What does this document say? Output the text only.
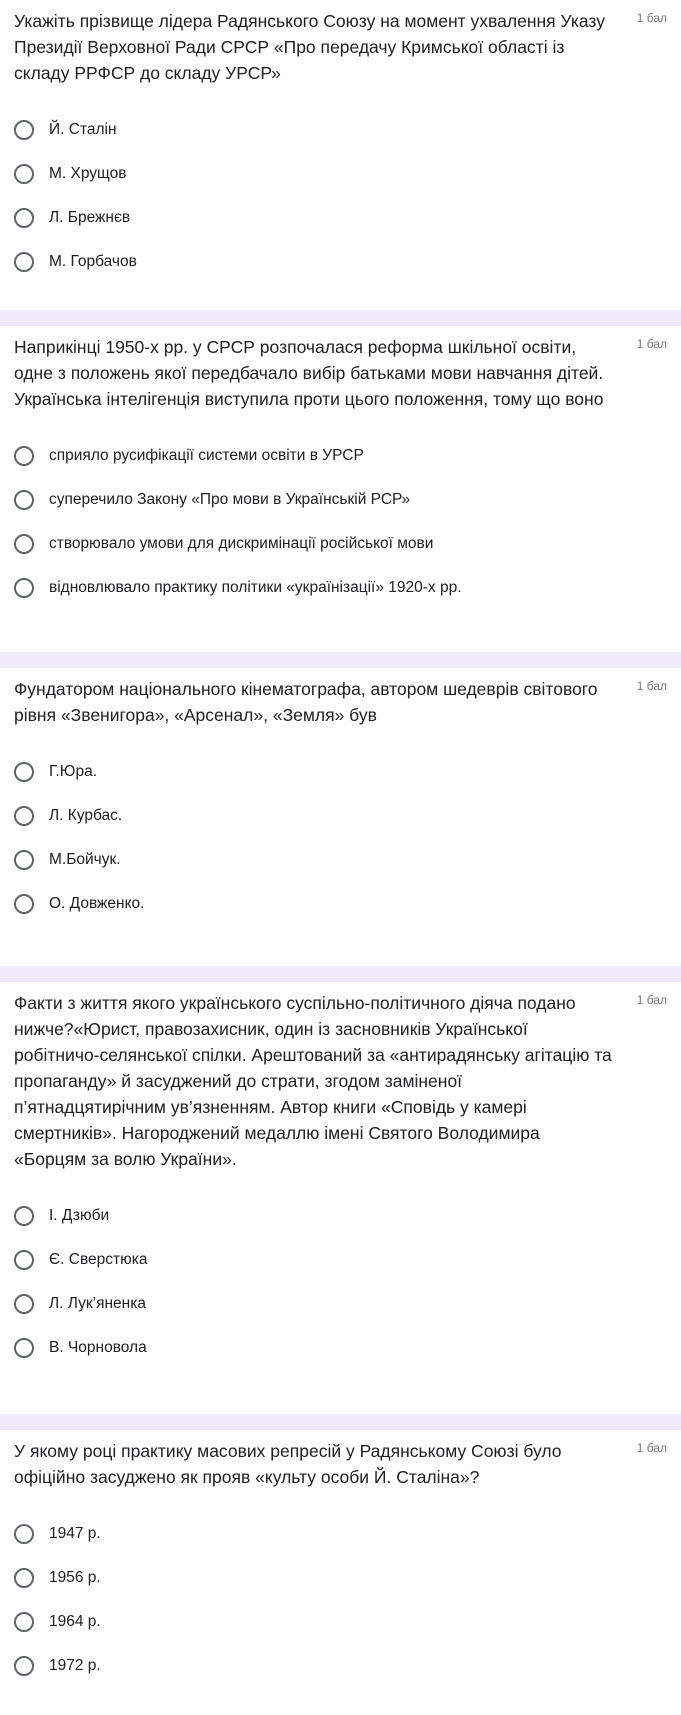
Укажіть прізвище лідера Радянського Союзу на момент ухвалення Указу Президії Верховної Ради СРСР «Про передачу Кримської області із складу РРФСР до складу УРСР»

1 бал
Й. Сталін
М. Хрущов
Л. Брежнєв
М. Горбачов

Наприкінці 1950-х рр. у СРСР розпочалася реформа шкільної освіти, одне з положень якої передбачало вибір батьками мови навчання дітей. Українська інтелігенція виступила проти цього положення, тому що воно

1 бал
сприяло русифікації системи освіти в УРСР
суперечило Закону «Про мови в Українській РСР»
створювало умови для дискримінації російської мови
відновлювало практику політики «українізації» 1920-х рр.

Фундатором національного кінематографа, автором шедеврів світового рівня «Звенигора», «Арсенал», «Земля» був

1 бал
Г.Юра.
Л. Курбас.
М.Бойчук.
О. Довженко.

Факти з життя якого українського суспільно-політичного діяча подано нижче?«Юрист, правозахисник, один із засновників Української робітничо-селянської спілки. Арештований за «антирадянську агітацію та пропаганду» й засуджений до страти, згодом заміненої п’ятнадцятирічним ув’язненням. Автор книги «Сповідь у камері смертників». Нагороджений медаллю імені Святого Володимира «Борцям за волю України».

1 бал
І. Дзюби
Є. Сверстюка
Л. Лук’яненка
В. Чорновола

У якому році практику масових репресій у Радянському Союзі було офіційно засуджено як прояв «культу особи Й. Сталіна»?

1 бал
1947 р.
1956 р.
1964 р.
1972 р.
